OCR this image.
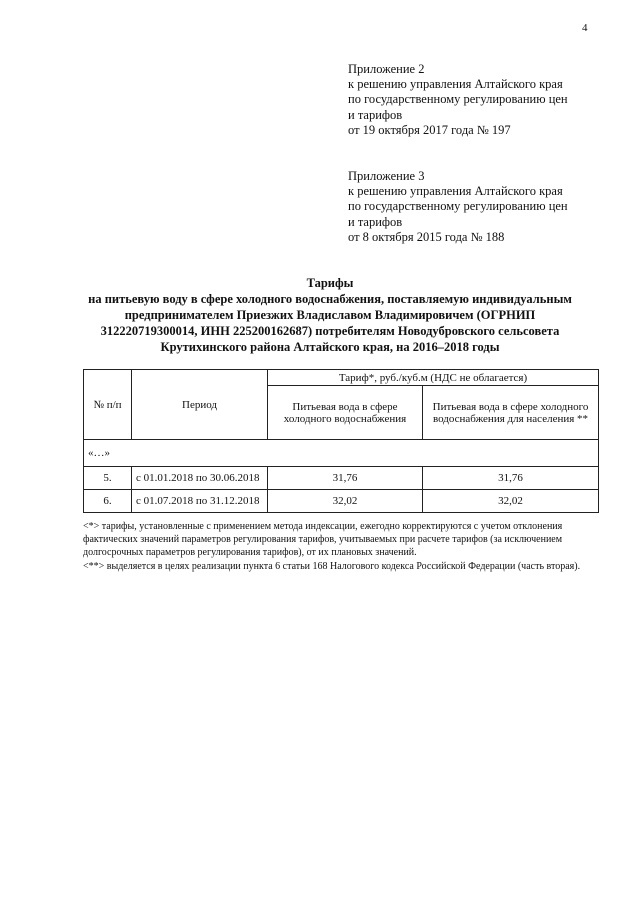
4
Приложение 2
к решению управления Алтайского края
по государственному регулированию цен
и тарифов
от 19 октября 2017 года № 197
Приложение 3
к решению управления Алтайского края
по государственному регулированию цен
и тарифов
от 8 октября 2015 года № 188
Тарифы
на питьевую воду в сфере холодного водоснабжения, поставляемую индивидуальным
предпринимателем Приезжих Владиславом Владимировичем (ОГРНИП
312220719300014, ИНН 225200162687) потребителям Новодубровского сельсовета
Крутихинского района Алтайского края, на 2016–2018 годы
№ п/п	Период	Тариф*, руб./куб.м (НДС не облагается)	
		Питьевая вода в сфере холодного водоснабжения	Питьевая вода в сфере холодного водоснабжения для населения **
«…»			
5.	с 01.01.2018 по 30.06.2018	31,76	31,76
6.	с 01.07.2018 по 31.12.2018	32,02	32,02
<*> тарифы, установленные с применением метода индексации, ежегодно корректируются с учетом отклонения фактических значений параметров регулирования тарифов, учитываемых при расчете тарифов (за исключением долгосрочных параметров регулирования тарифов), от их плановых значений.
<**> выделяется в целях реализации пункта 6 статьи 168 Налогового кодекса Российской Федерации (часть вторая).
